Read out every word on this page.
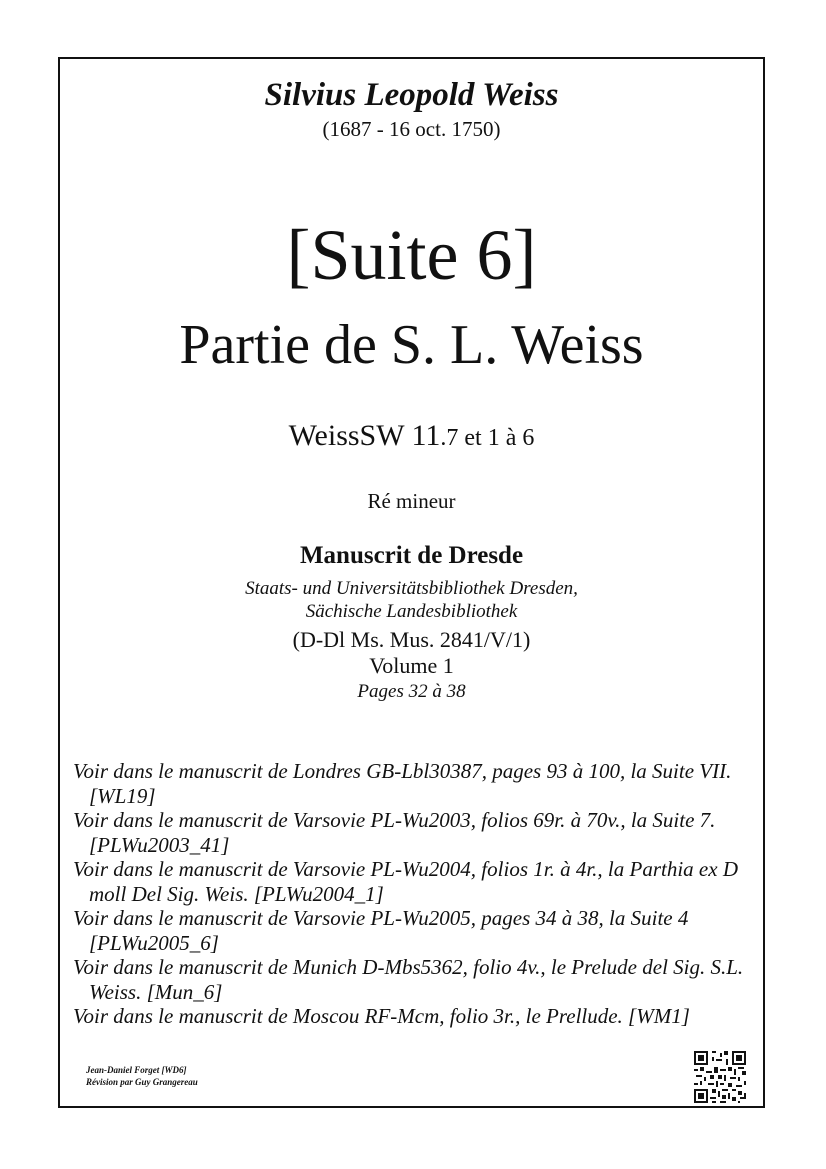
Silvius Leopold Weiss
(1687 - 16 oct. 1750)
[Suite 6]
Partie de S. L. Weiss
WeissSW 11.7 et 1 à 6
Ré mineur
Manuscrit de Dresde
Staats- und Universitätsbibliothek Dresden,
Sächische Landesbibliothek
(D-Dl Ms. Mus. 2841/V/1)
Volume 1
Pages 32 à 38

Voir dans le manuscrit de Londres GB-Lbl30387, pages 93 à 100, la Suite VII. [WL19]

Voir dans le manuscrit de Varsovie PL-Wu2003, folios 69r. à 70v., la Suite 7. [PLWu2003_41]

Voir dans le manuscrit de Varsovie PL-Wu2004, folios 1r. à 4r., la Parthia ex D moll Del Sig. Weis. [PLWu2004_1]

Voir dans le manuscrit de Varsovie PL-Wu2005, pages 34 à 38, la Suite 4 [PLWu2005_6]

Voir dans le manuscrit de Munich D-Mbs5362, folio 4v., le Prelude del Sig. S.L. Weiss. [Mun_6]

Voir dans le manuscrit de Moscou RF-Mcm, folio 3r., le Prellude. [WM1]

Jean-Daniel Forget [WD6]
Révision par Guy Grangereau
